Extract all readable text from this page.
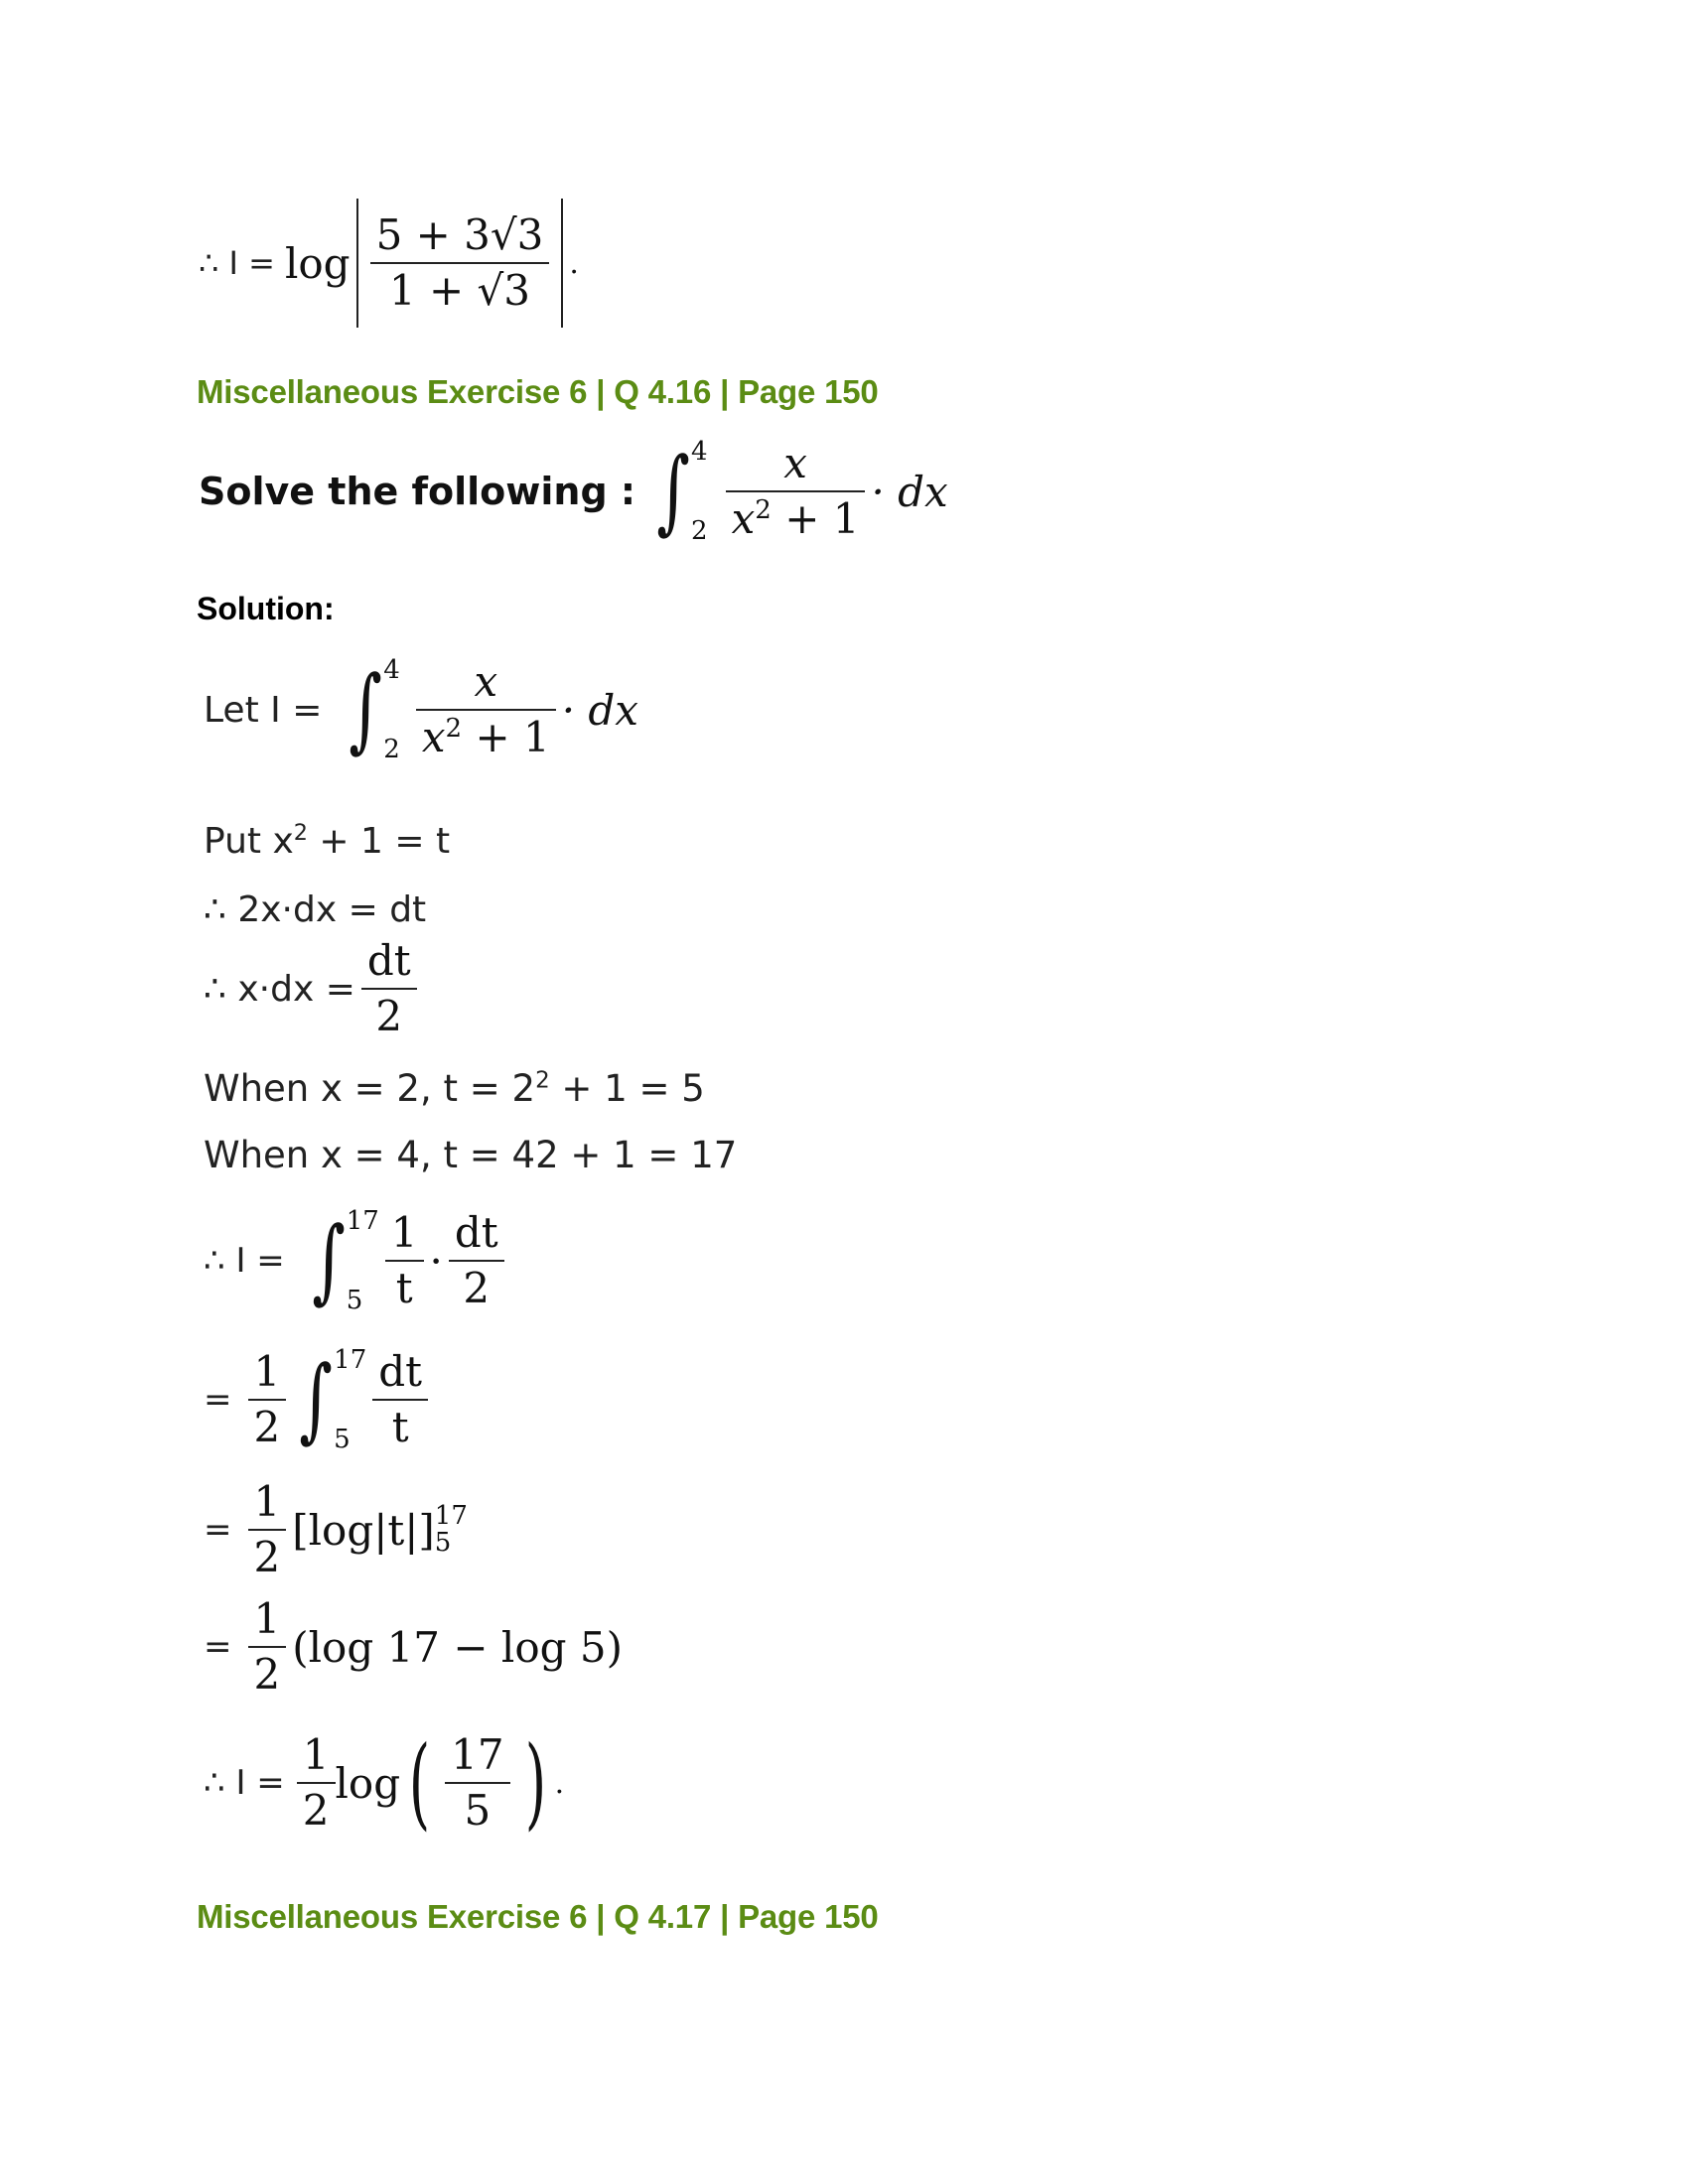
∴ $I = \log \frac{5 + 3√3}{1 + √3}$ .
Miscellaneous Exercise 6 | Q 4.16 | Page 150
Solve the following : ∫ 4
$2 \frac{x}{x^2 + 1}$ · dx
Solution:
Let I = ∫ 4
$2 \frac{x}{x^2 + 1}$ · dx
Put $x^2 + 1 = t$
∴ 2x·dx = dt
∴ $x\cdot dx = \frac{dt}{2}$
When x = 2, $t = 2^2 + 1 = 5$
When x = 4, t = 42 + 1 = 17
∴ I = ∫ 17
$5 \frac{1}{t} \cdot \frac{dt}{2}$
= $\frac{1}{2}$ ∫ 17
$5 \frac{dt}{t}$
= $\frac{1}{2} [\log|t|]$ 17
5
= $\frac{1}{2} (\log$ 17 − log 5)
∴ $I = \frac{1}{2}$ log ( $\frac{17}{5}$ ) .
Miscellaneous Exercise 6 | Q 4.17 | Page 150
